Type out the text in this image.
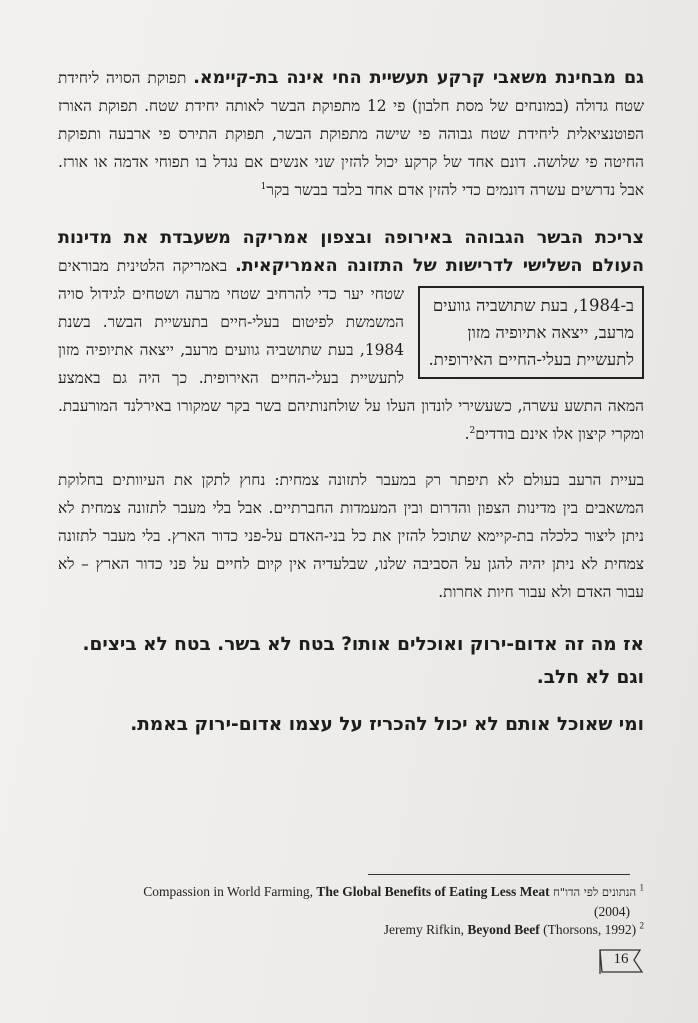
גם מבחינת משאבי קרקע תעשיית החי אינה בת-קיימא. תפוקת הסויה ליחידת שטח גדולה (במונחים של מסת חלבון) פי 12 מתפוקת הבשר לאותה יחידת שטח. תפוקת האורז הפוטנציאלית ליחידת שטח גבוהה פי שישה מתפוקת הבשר, תפוקת התירס פי ארבעה ותפוקת החיטה פי שלושה. דונם אחד של קרקע יכול להזין שני אנשים אם נגדל בו תפוחי אדמה או אורז. אבל נדרשים עשרה דונמים כדי להזין אדם אחד בלבד בבשר בקר$^1$

צריכת הבשר הגבוהה באירופה ובצפון אמריקה משעבדת את מדינות העולם השלישי לדרישות של התזונה האמריקאית.
ב-1984, בעת שתושביה גוועים מרעב, ייצאה אתיופיה מזון לתעשיית בעלי-החיים האירופית.
באמריקה הלטינית מבוראים שטחי יער כדי להרחיב שטחי מרעה ושטחים לגידול סויה המשמשת לפיטום בעלי-חיים בתעשיית הבשר. בשנת 1984, בעת שתושביה גוועים מרעב, ייצאה אתיופיה מזון לתעשיית בעלי-החיים האירופית. כך היה גם באמצע המאה התשע עשרה, כשעשירי לונדון העלו על שולחנותיהם בשר בקר שמקורו באירלנד המורעבת. ומקרי קיצון אלו אינם בודדים$^2$.

בעיית הרעב בעולם לא תיפתר רק במעבר לתזונה צמחית: נחוץ לתקן את העיוותים בחלוקת המשאבים בין מדינות הצפון והדרום ובין המעמדות החברתיים. אבל בלי מעבר לתזונה צמחית לא ניתן ליצור כלכלה בת-קיימא שתוכל להזין את כל בני-האדם על-פני כדור הארץ. בלי מעבר לתזונה צמחית לא ניתן יהיה להגן על הסביבה שלנו, שבלעדיה אין קיום לחיים על פני כדור הארץ – לא עבור האדם ולא עבור חיות אחרות.

אז מה זה אדום-ירוק ואוכלים אותו? בטח לא בשר. בטח לא ביצים. וגם לא חלב.

ומי שאוכל אותם לא יכול להכריז על עצמו אדום-ירוק באמת.

Compassion in World Farming, The Global Benefits of Eating Less Meat הנתונים לפי הדו"ח $^1$
(2004)
Jeremy Rifkin, Beyond Beef (Thorsons, 1992) $^2$
16
